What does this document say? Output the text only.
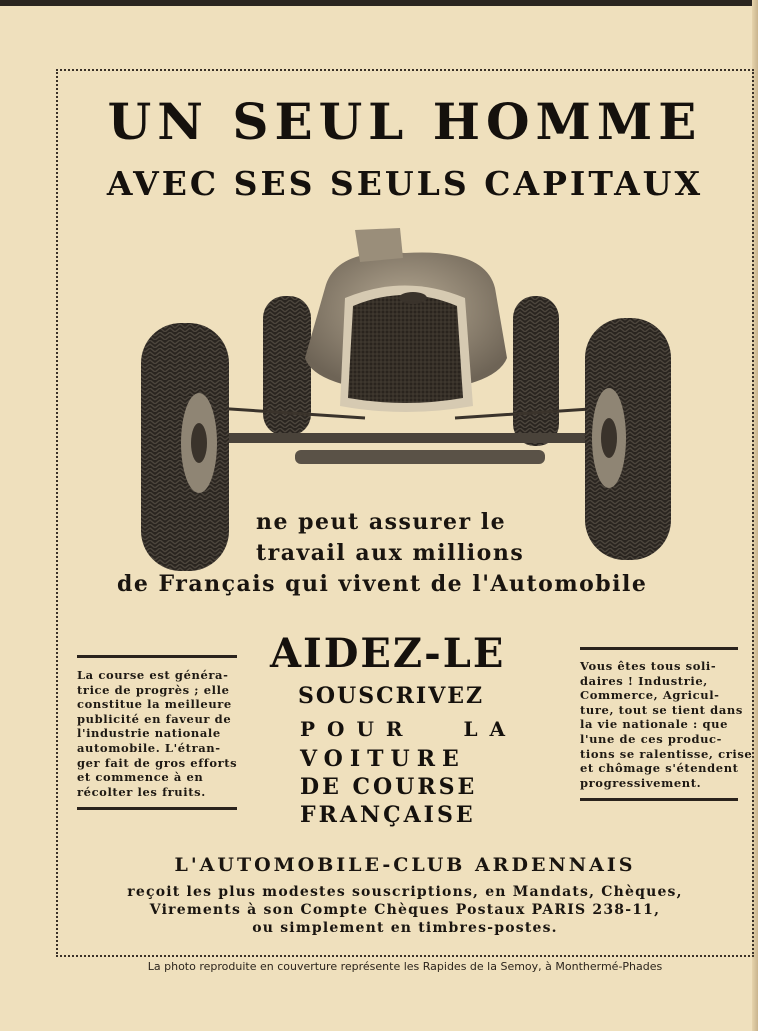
UN SEUL HOMME
AVEC SES SEULS CAPITAUX
ne peut assurer le
travail aux millions
de Français qui vivent de l'Automobile
La course est généra-
trice de progrès ; elle
constitue la meilleure
publicité en faveur de
l'industrie nationale
automobile. L'étran-
ger fait de gros efforts
et commence à en
récolter les fruits.
Vous êtes tous soli-
daires ! Industrie,
Commerce, Agricul-
ture, tout se tient dans
la vie nationale : que
l'une de ces produc-
tions se ralentisse, crise
et chômage s'étendent
progressivement.
AIDEZ-LE
SOUSCRIVEZ
POUR LA
VOITURE
DE COURSE
FRANÇAISE
L'AUTOMOBILE-CLUB ARDENNAIS
reçoit les plus modestes souscriptions, en Mandats, Chèques,
Virements à son Compte Chèques Postaux PARIS 238-11,
ou simplement en timbres-postes.
La photo reproduite en couverture représente les Rapides de la Semoy, à Monthermé-Phades
